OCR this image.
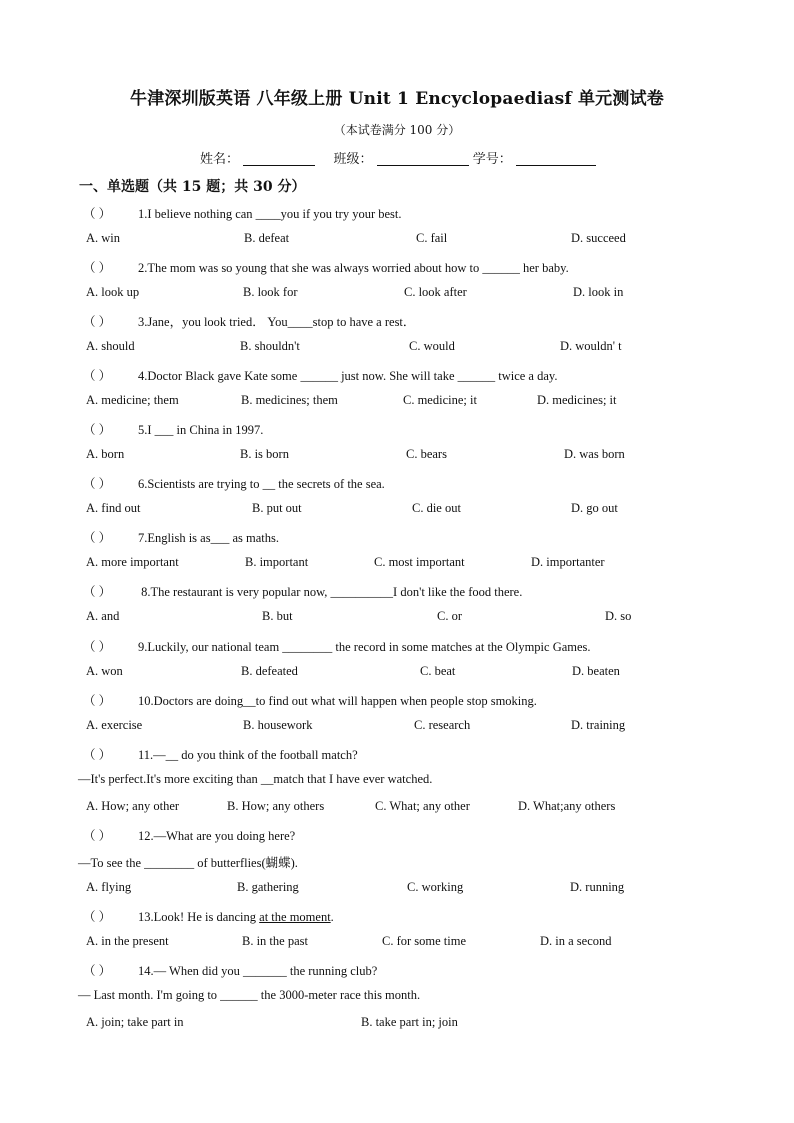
牛津深圳版英语 八年级上册 Unit 1 Encyclopaediasf 单元测试卷
（本试卷满分 100 分）
姓名：	班级：	学号：
一、单选题（共 15 题；共 30 分）
（ ） 1.I believe nothing can ____you if you try your best.
A. win	B. defeat	C. fail	D. succeed
（ ） 2.The mom was so young that she was always worried about how to ______ her baby.
A. look up	B. look for	C. look after	D. look in
（ ） 3.Jane，you look tried． You____stop to have a rest．
A. should	B. shouldn't	C. would	D. wouldn' t
（ ） 4.Doctor Black gave Kate some ______ just now. She will take ______ twice a day.
A. medicine; them	B. medicines; them	C. medicine; it	D. medicines; it
（ ） 5.I ___ in China in 1997.
A. born	B. is born	C. bears	D. was born
（ ） 6.Scientists are trying to __ the secrets of the sea.
A. find out	B. put out	C. die out	D. go out
（ ） 7.English is as___ as maths.
A. more important	B. important	C. most important	D. importanter
（ ） 8.The restaurant is very popular now, __________I don't like the food there.
A. and	B. but	C. or	D. so
（ ） 9.Luckily, our national team ________ the record in some matches at the Olympic Games.
A. won	B. defeated	C. beat	D. beaten
（ ） 10.Doctors are doing__to find out what will happen when people stop smoking.
A. exercise	B. housework	C. research	D. training
（ ） 11.—__ do you think of the football match?
—It's perfect.It's more exciting than __match that I have ever watched.
A. How; any other	B. How; any others	C. What; any other	D. What;any others
（ ） 12.—What are you doing here?
—To see the ________ of butterflies(蝴蝶).
A. flying	B. gathering	C. working	D. running
（ ） 13.Look! He is dancing at the moment.
A. in the present	B. in the past	C. for some time	D. in a second
（ ） 14.— When did you _______ the running club?
— Last month. I'm going to ______ the 3000-meter race this month.
A. join; take part in	B. take part in; join
